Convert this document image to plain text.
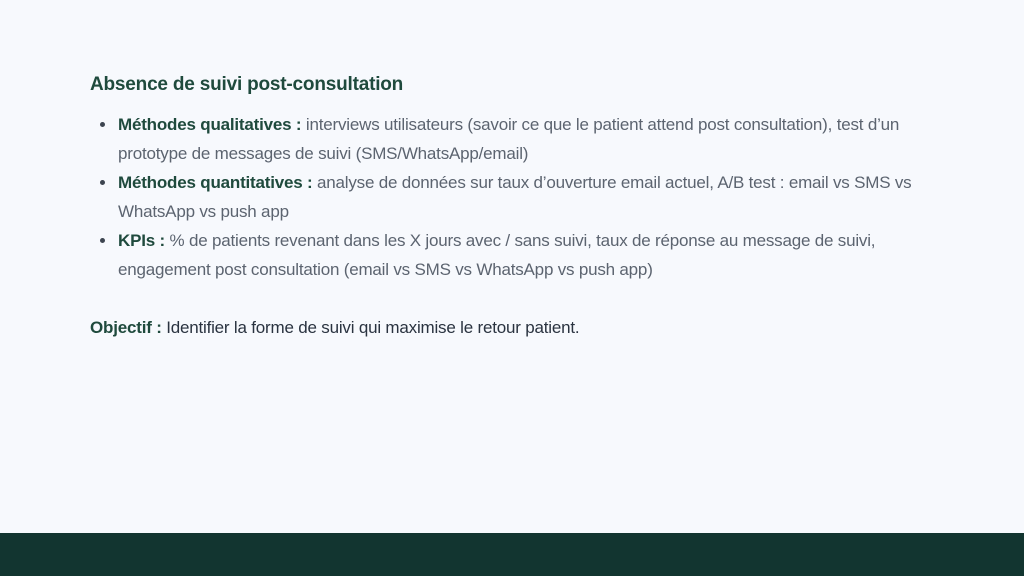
Absence de suivi post-consultation
Méthodes qualitatives : interviews utilisateurs (savoir ce que le patient attend post consultation), test d’un prototype de messages de suivi (SMS/WhatsApp/email)
Méthodes quantitatives : analyse de données sur taux d’ouverture email actuel, A/B test : email vs SMS vs WhatsApp vs push app
KPIs : % de patients revenant dans les X jours avec / sans suivi, taux de réponse au message de suivi, engagement post consultation (email vs SMS vs WhatsApp vs push app)

Objectif : Identifier la forme de suivi qui maximise le retour patient.
